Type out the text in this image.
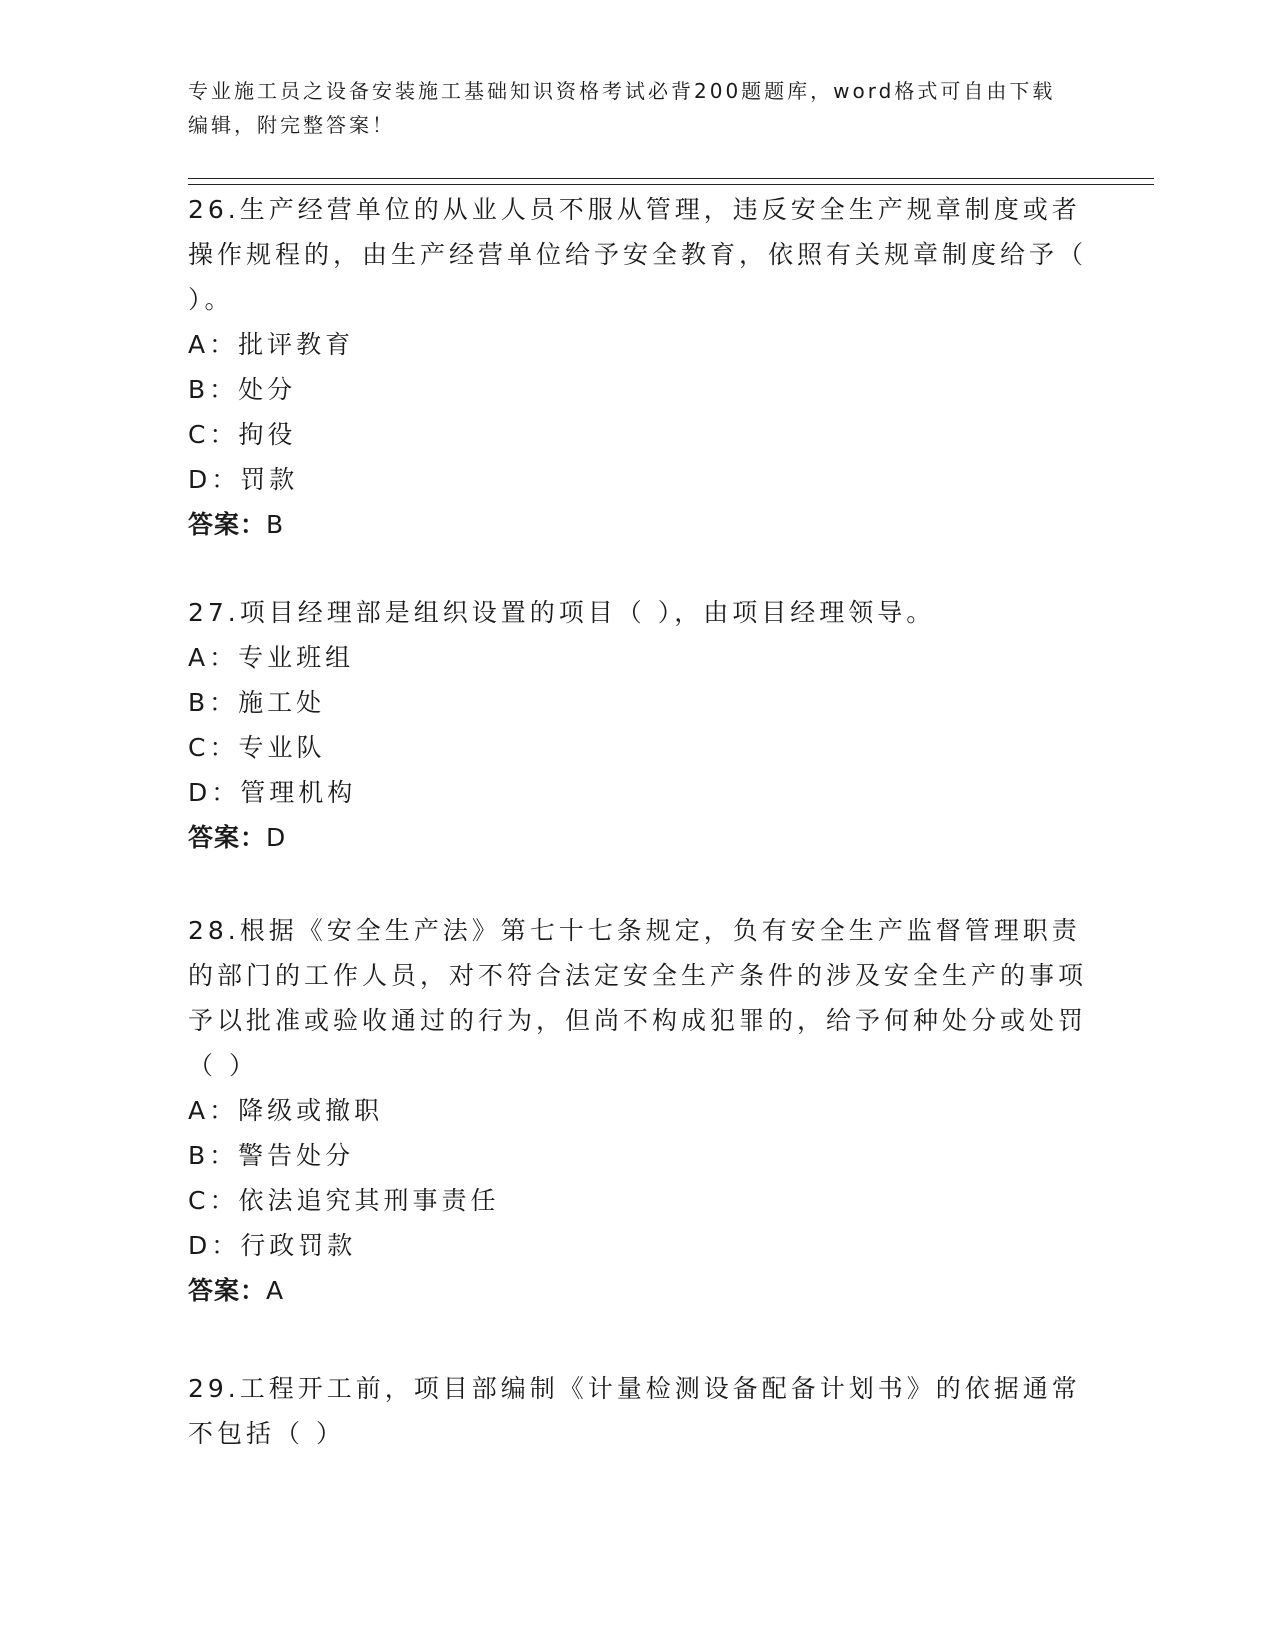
专业施工员之设备安装施工基础知识资格考试必背200题题库，word格式可自由下载编辑，附完整答案！

26.生产经营单位的从业人员不服从管理，违反安全生产规章制度或者操作规程的，由生产经营单位给予安全教育，依照有关规章制度给予（ ）。

A：批评教育

B：处分

C：拘役

D：罚款

答案：B

27.项目经理部是组织设置的项目（ ），由项目经理领导。

A：专业班组

B：施工处

C：专业队

D：管理机构

答案：D

28.根据《安全生产法》第七十七条规定，负有安全生产监督管理职责的部门的工作人员，对不符合法定安全生产条件的涉及安全生产的事项予以批准或验收通过的行为，但尚不构成犯罪的，给予何种处分或处罚（ ）

A：降级或撤职

B：警告处分

C：依法追究其刑事责任

D：行政罚款

答案：A

29.工程开工前，项目部编制《计量检测设备配备计划书》的依据通常不包括（ ）
